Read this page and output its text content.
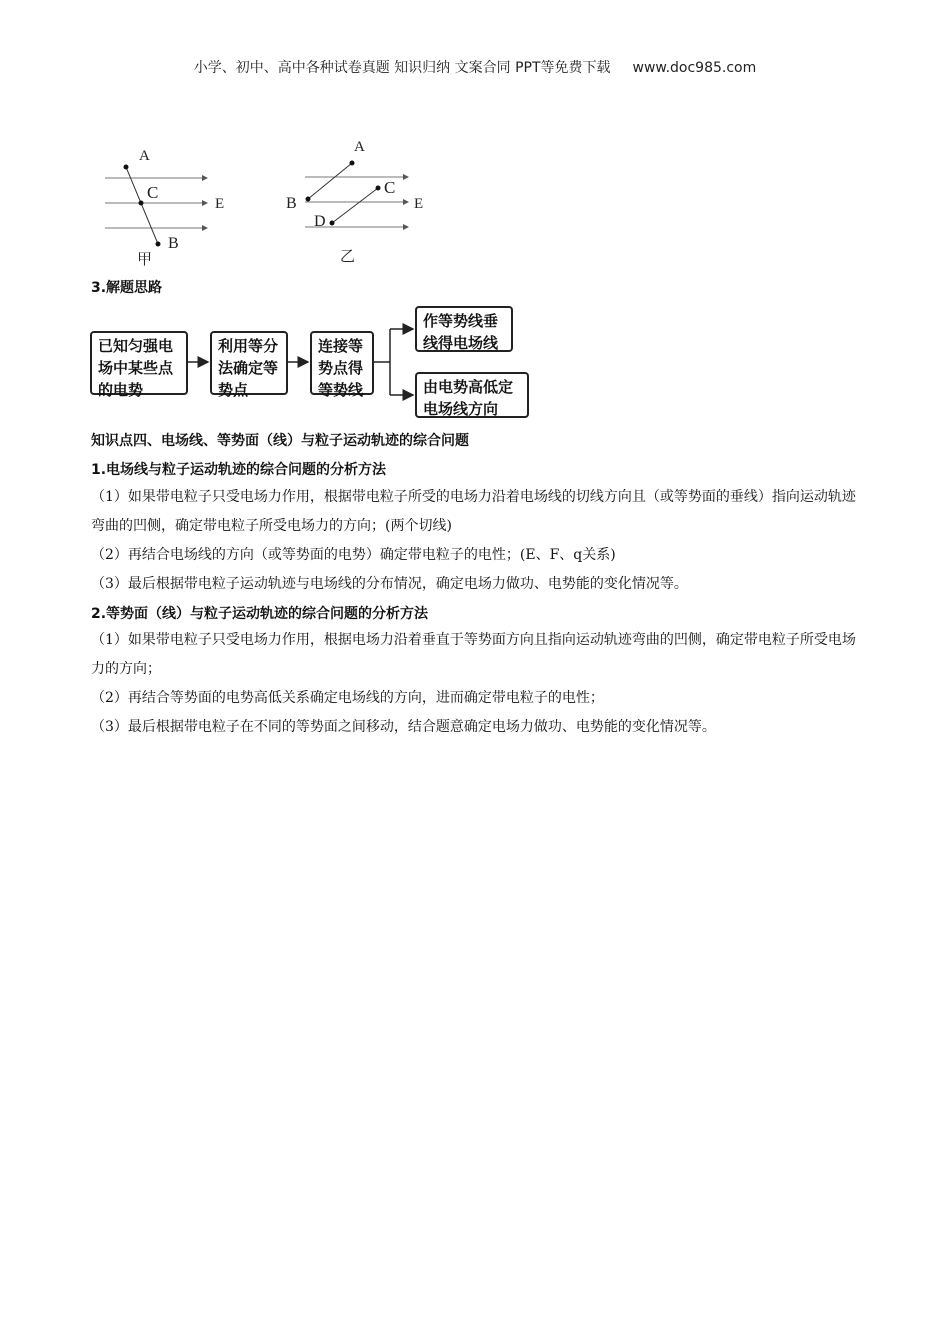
小学、初中、高中各种试卷真题 知识归纳 文案合同 PPT等免费下载 www.doc985.com
A
C
B
E
甲
A
B
C
D
E
乙
3.解题思路
已知匀强电场中某些点的电势
利用等分法确定等势点
连接等势点得等势线
作等势线垂线得电场线
由电势高低定电场线方向
知识点四、电场线、等势面（线）与粒子运动轨迹的综合问题
1.电场线与粒子运动轨迹的综合问题的分析方法
（1）如果带电粒子只受电场力作用，根据带电粒子所受的电场力沿着电场线的切线方向且（或等势面的垂线）指向运动轨迹弯曲的凹侧，确定带电粒子所受电场力的方向；(两个切线)
（2）再结合电场线的方向（或等势面的电势）确定带电粒子的电性；(E、F、q关系)
（3）最后根据带电粒子运动轨迹与电场线的分布情况，确定电场力做功、电势能的变化情况等。
2.等势面（线）与粒子运动轨迹的综合问题的分析方法
（1）如果带电粒子只受电场力作用，根据电场力沿着垂直于等势面方向且指向运动轨迹弯曲的凹侧，确定带电粒子所受电场力的方向；
（2）再结合等势面的电势高低关系确定电场线的方向，进而确定带电粒子的电性；
（3）最后根据带电粒子在不同的等势面之间移动，结合题意确定电场力做功、电势能的变化情况等。
